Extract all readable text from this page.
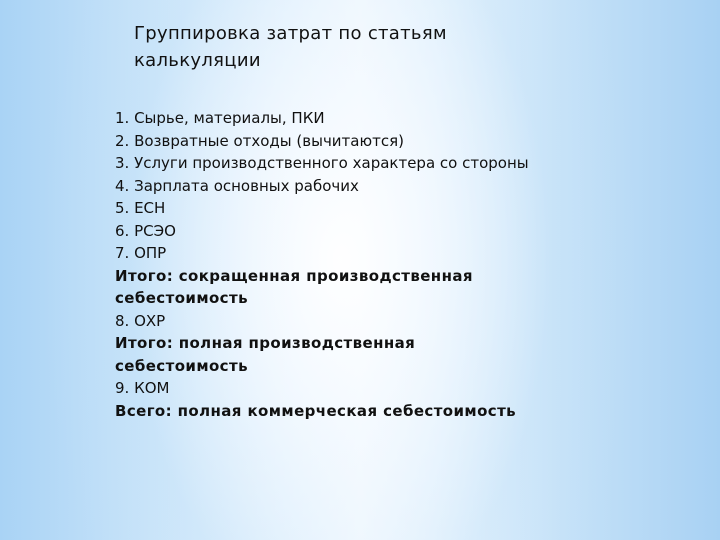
Группировка затрат по статьям
калькуляции
1. Сырье, материалы, ПКИ
2. Возвратные отходы (вычитаются)
3. Услуги производственного характера со стороны
4. Зарплата основных рабочих
5. ЕСН
6. РСЭО
7. ОПР
Итого: сокращенная производственная
себестоимость
8. ОХР
Итого: полная производственная
себестоимость
9. КОМ
Всего: полная коммерческая себестоимость
